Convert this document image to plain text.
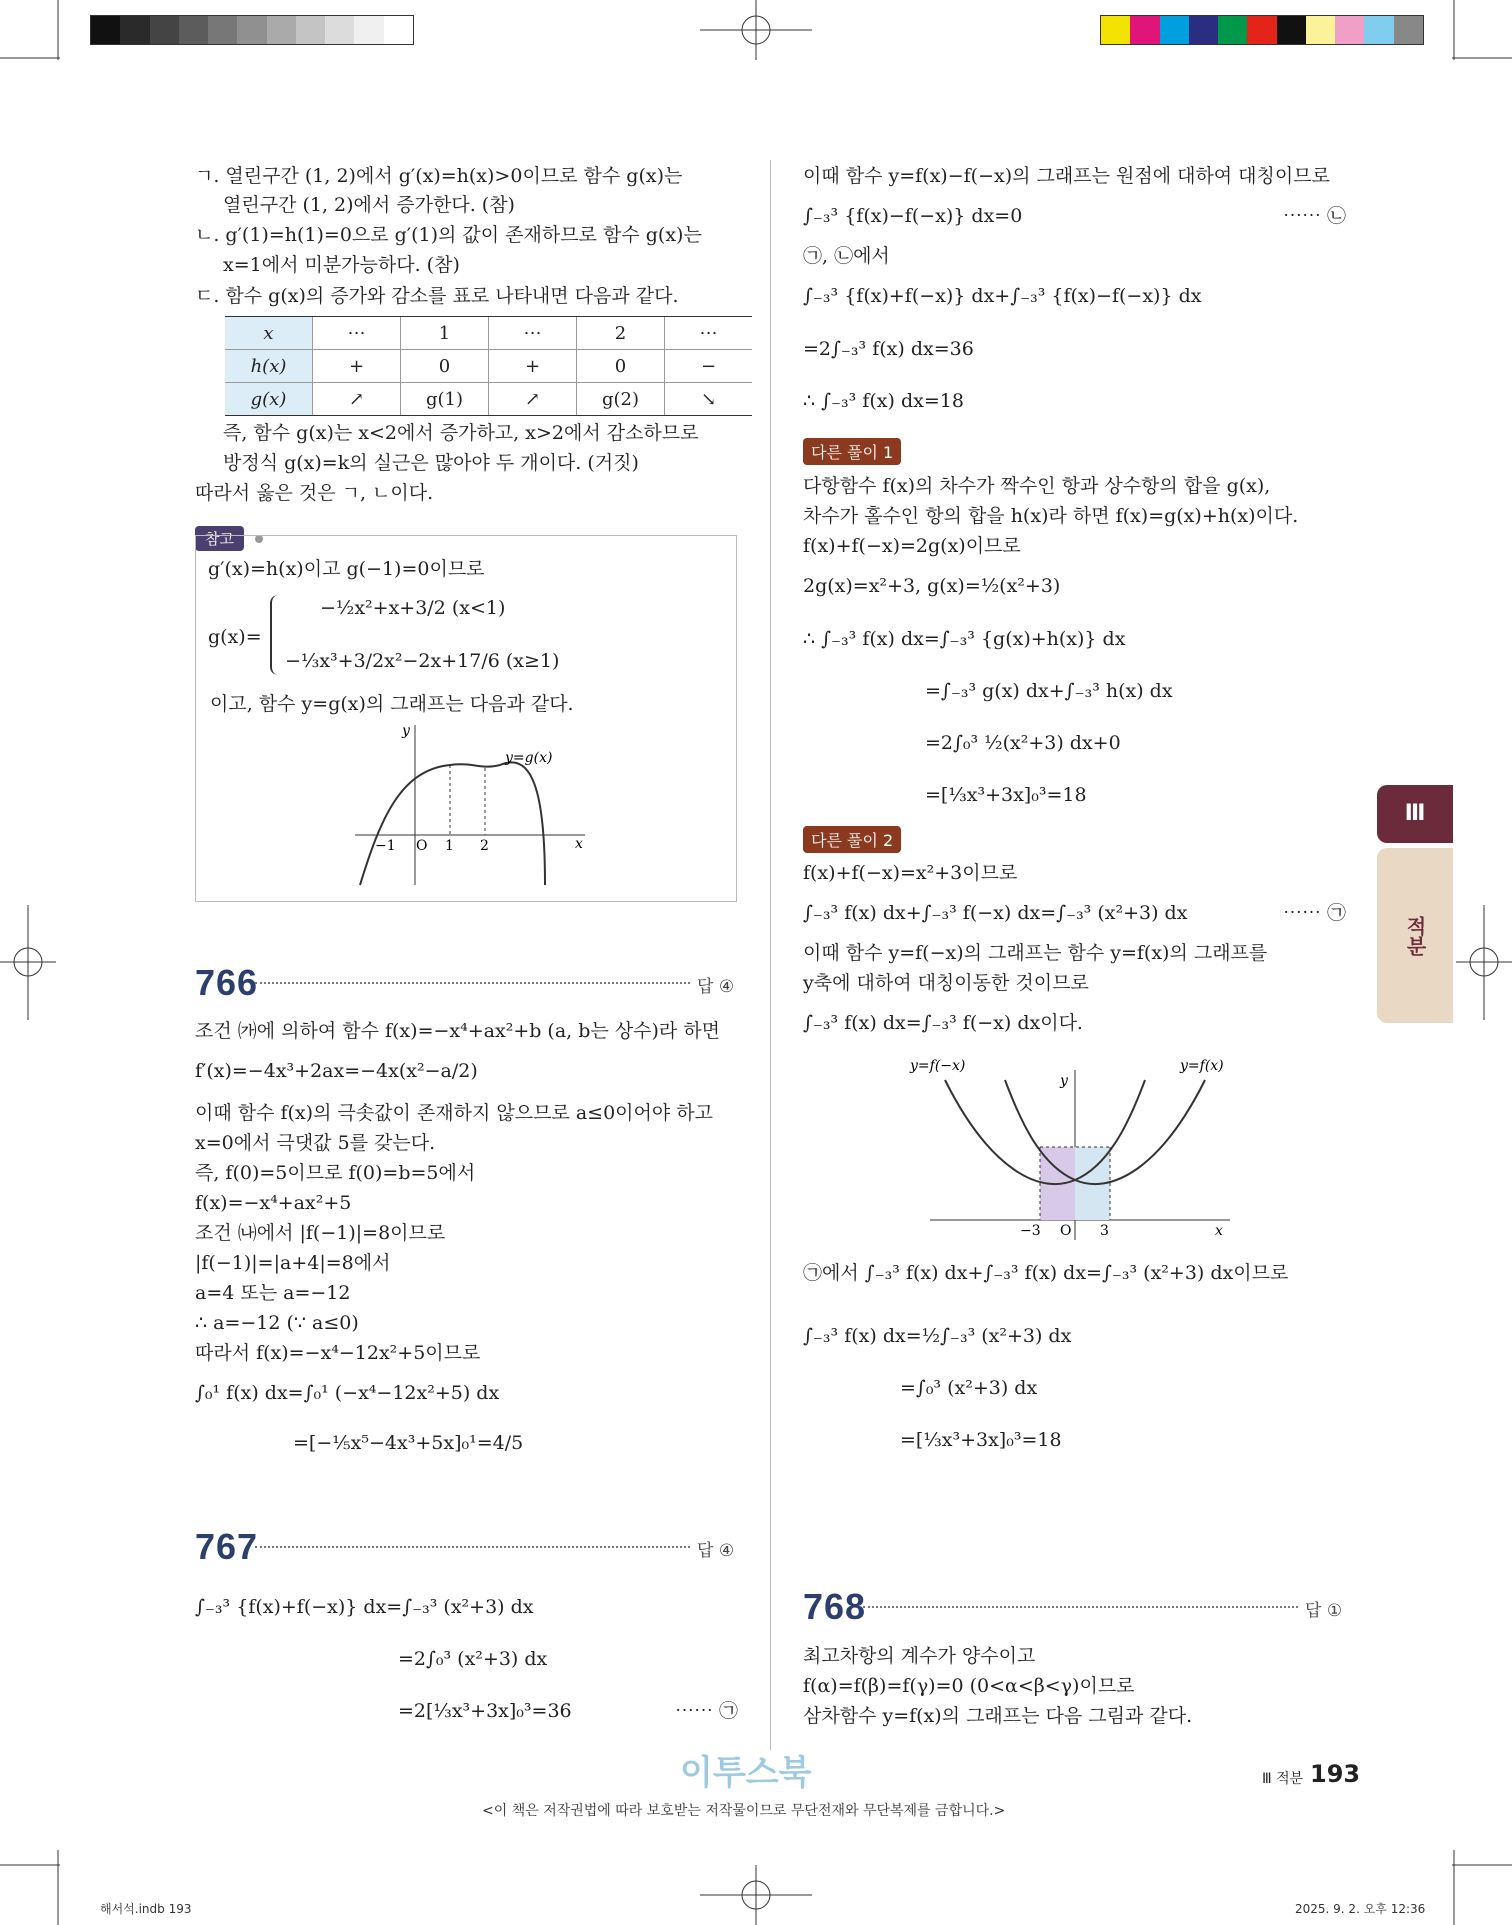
ㄱ. 열린구간 (1, 2)에서 g′(x)=h(x)>0이므로 함수 g(x)는
열린구간 (1, 2)에서 증가한다. (참)
ㄴ. g′(1)=h(1)=0으로 g′(1)의 값이 존재하므로 함수 g(x)는
x=1에서 미분가능하다. (참)
ㄷ. 함수 g(x)의 증가와 감소를 표로 나타내면 다음과 같다.
x	⋯	1	⋯	2	⋯
h(x)	+	0	+	0	−
g(x)	↗	g(1)	↗	g(2)	↘
즉, 함수 g(x)는 x<2에서 증가하고, x>2에서 감소하므로
방정식 g(x)=k의 실근은 많아야 두 개이다. (거짓)
따라서 옳은 것은 ㄱ, ㄴ이다.
참고
g′(x)=h(x)이고 g(−1)=0이므로
g(x)=
−½x²+x+3/2 (x<1)
−⅓x³+3/2x²−2x+17/6 (x≥1)
이고, 함수 y=g(x)의 그래프는 다음과 같다.
x
y
−1 O 1 2
y=g(x)
766	답 ④
조건 ㈎에 의하여 함수 f(x)=−x⁴+ax²+b (a, b는 상수)라 하면
f′(x)=−4x³+2ax=−4x(x²−a/2)
이때 함수 f(x)의 극솟값이 존재하지 않으므로 a≤0이어야 하고
x=0에서 극댓값 5를 갖는다.
즉, f(0)=5이므로 f(0)=b=5에서
f(x)=−x⁴+ax²+5
조건 ㈏에서 |f(−1)|=8이므로
|f(−1)|=|a+4|=8에서
a=4 또는 a=−12
∴ a=−12 (∵ a≤0)
따라서 f(x)=−x⁴−12x²+5이므로
∫₀¹ f(x) dx=∫₀¹ (−x⁴−12x²+5) dx
=[−⅕x⁵−4x³+5x]₀¹=4/5
767	답 ④
∫₋₃³ {f(x)+f(−x)} dx=∫₋₃³ (x²+3) dx
=2∫₀³ (x²+3) dx
=2[⅓x³+3x]₀³=36	⋯⋯ ㉠
이때 함수 y=f(x)−f(−x)의 그래프는 원점에 대하여 대칭이므로
∫₋₃³ {f(x)−f(−x)} dx=0	⋯⋯ ㉡
㉠, ㉡에서
∫₋₃³ {f(x)+f(−x)} dx+∫₋₃³ {f(x)−f(−x)} dx
=2∫₋₃³ f(x) dx=36
∴ ∫₋₃³ f(x) dx=18
다른 풀이 1
다항함수 f(x)의 차수가 짝수인 항과 상수항의 합을 g(x),
차수가 홀수인 항의 합을 h(x)라 하면 f(x)=g(x)+h(x)이다.
f(x)+f(−x)=2g(x)이므로
2g(x)=x²+3, g(x)=½(x²+3)
∴ ∫₋₃³ f(x) dx=∫₋₃³ {g(x)+h(x)} dx
=∫₋₃³ g(x) dx+∫₋₃³ h(x) dx
=2∫₀³ ½(x²+3) dx+0
=[⅓x³+3x]₀³=18
다른 풀이 2
f(x)+f(−x)=x²+3이므로
∫₋₃³ f(x) dx+∫₋₃³ f(−x) dx=∫₋₃³ (x²+3) dx	⋯⋯ ㉠
이때 함수 y=f(−x)의 그래프는 함수 y=f(x)의 그래프를
y축에 대하여 대칭이동한 것이므로
∫₋₃³ f(x) dx=∫₋₃³ f(−x) dx이다.
y=f(−x)	y=f(x)
y
x
−3 O 3
㉠에서 ∫₋₃³ f(x) dx+∫₋₃³ f(x) dx=∫₋₃³ (x²+3) dx이므로
∫₋₃³ f(x) dx=½∫₋₃³ (x²+3) dx
=∫₀³ (x²+3) dx
=[⅓x³+3x]₀³=18
768	답 ①
최고차항의 계수가 양수이고
f(α)=f(β)=f(γ)=0 (0<α<β<γ)이므로
삼차함수 y=f(x)의 그래프는 다음 그림과 같다.
Ⅲ
적분
이투스북
<이 책은 저작권법에 따라 보호받는 저작물이므로 무단전재와 무단복제를 금합니다.>
Ⅲ 적분 193
해서석.indb 193	2025. 9. 2. 오후 12:36
